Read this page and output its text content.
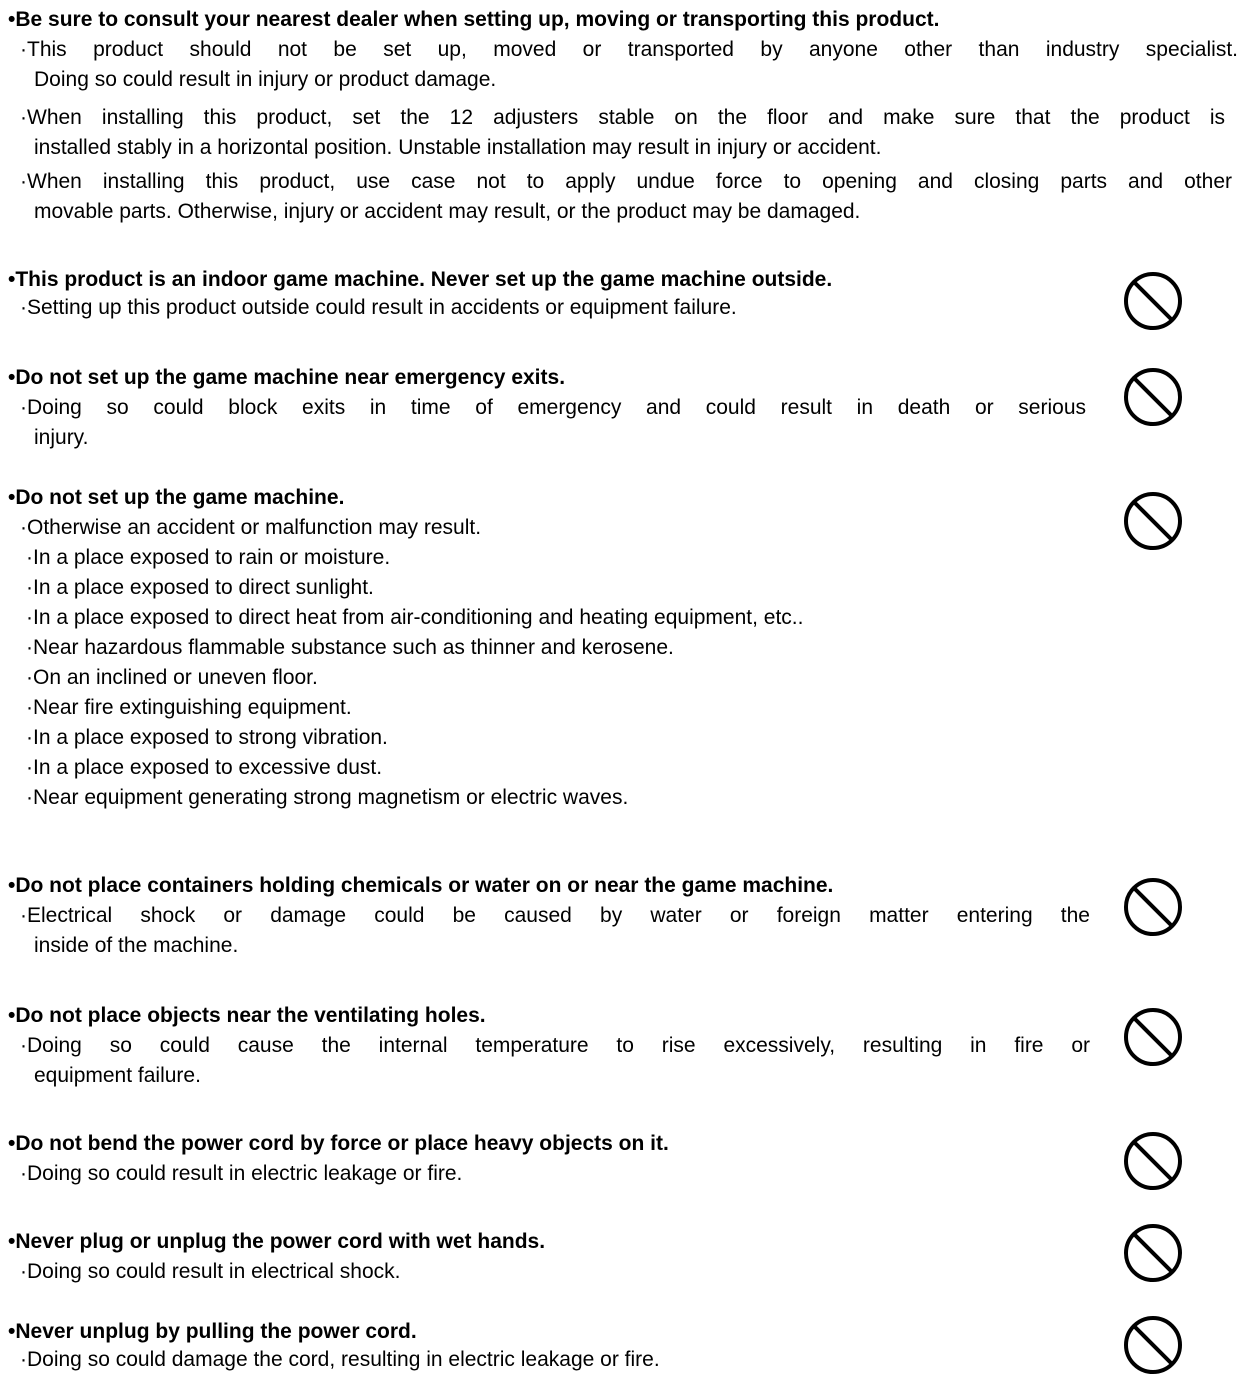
•Be sure to consult your nearest dealer when setting up, moving or transporting this product.
·This product should not be set up, moved or transported by anyone other than industry specialist.
Doing so could result in injury or product damage.
·When installing this product, set the 12 adjusters stable on the floor and make sure that the product is
installed stably in a horizontal position. Unstable installation may result in injury or accident.
·When installing this product, use case not to apply undue force to opening and closing parts and other
movable parts. Otherwise, injury or accident may result, or the product may be damaged.
•This product is an indoor game machine. Never set up the game machine outside.
·Setting up this product outside could result in accidents or equipment failure.
•Do not set up the game machine near emergency exits.
·Doing so could block exits in time of emergency and could result in death or serious
injury.
•Do not set up the game machine.
·Otherwise an accident or malfunction may result.
·In a place exposed to rain or moisture.
·In a place exposed to direct sunlight.
·In a place exposed to direct heat from air-conditioning and heating equipment, etc..
·Near hazardous flammable substance such as thinner and kerosene.
·On an inclined or uneven floor.
·Near fire extinguishing equipment.
·In a place exposed to strong vibration.
·In a place exposed to excessive dust.
·Near equipment generating strong magnetism or electric waves.
•Do not place containers holding chemicals or water on or near the game machine.
·Electrical shock or damage could be caused by water or foreign matter entering the
inside of the machine.
•Do not place objects near the ventilating holes.
·Doing so could cause the internal temperature to rise excessively, resulting in fire or
equipment failure.
•Do not bend the power cord by force or place heavy objects on it.
·Doing so could result in electric leakage or fire.
•Never plug or unplug the power cord with wet hands.
·Doing so could result in electrical shock.
•Never unplug by pulling the power cord.
·Doing so could damage the cord, resulting in electric leakage or fire.
